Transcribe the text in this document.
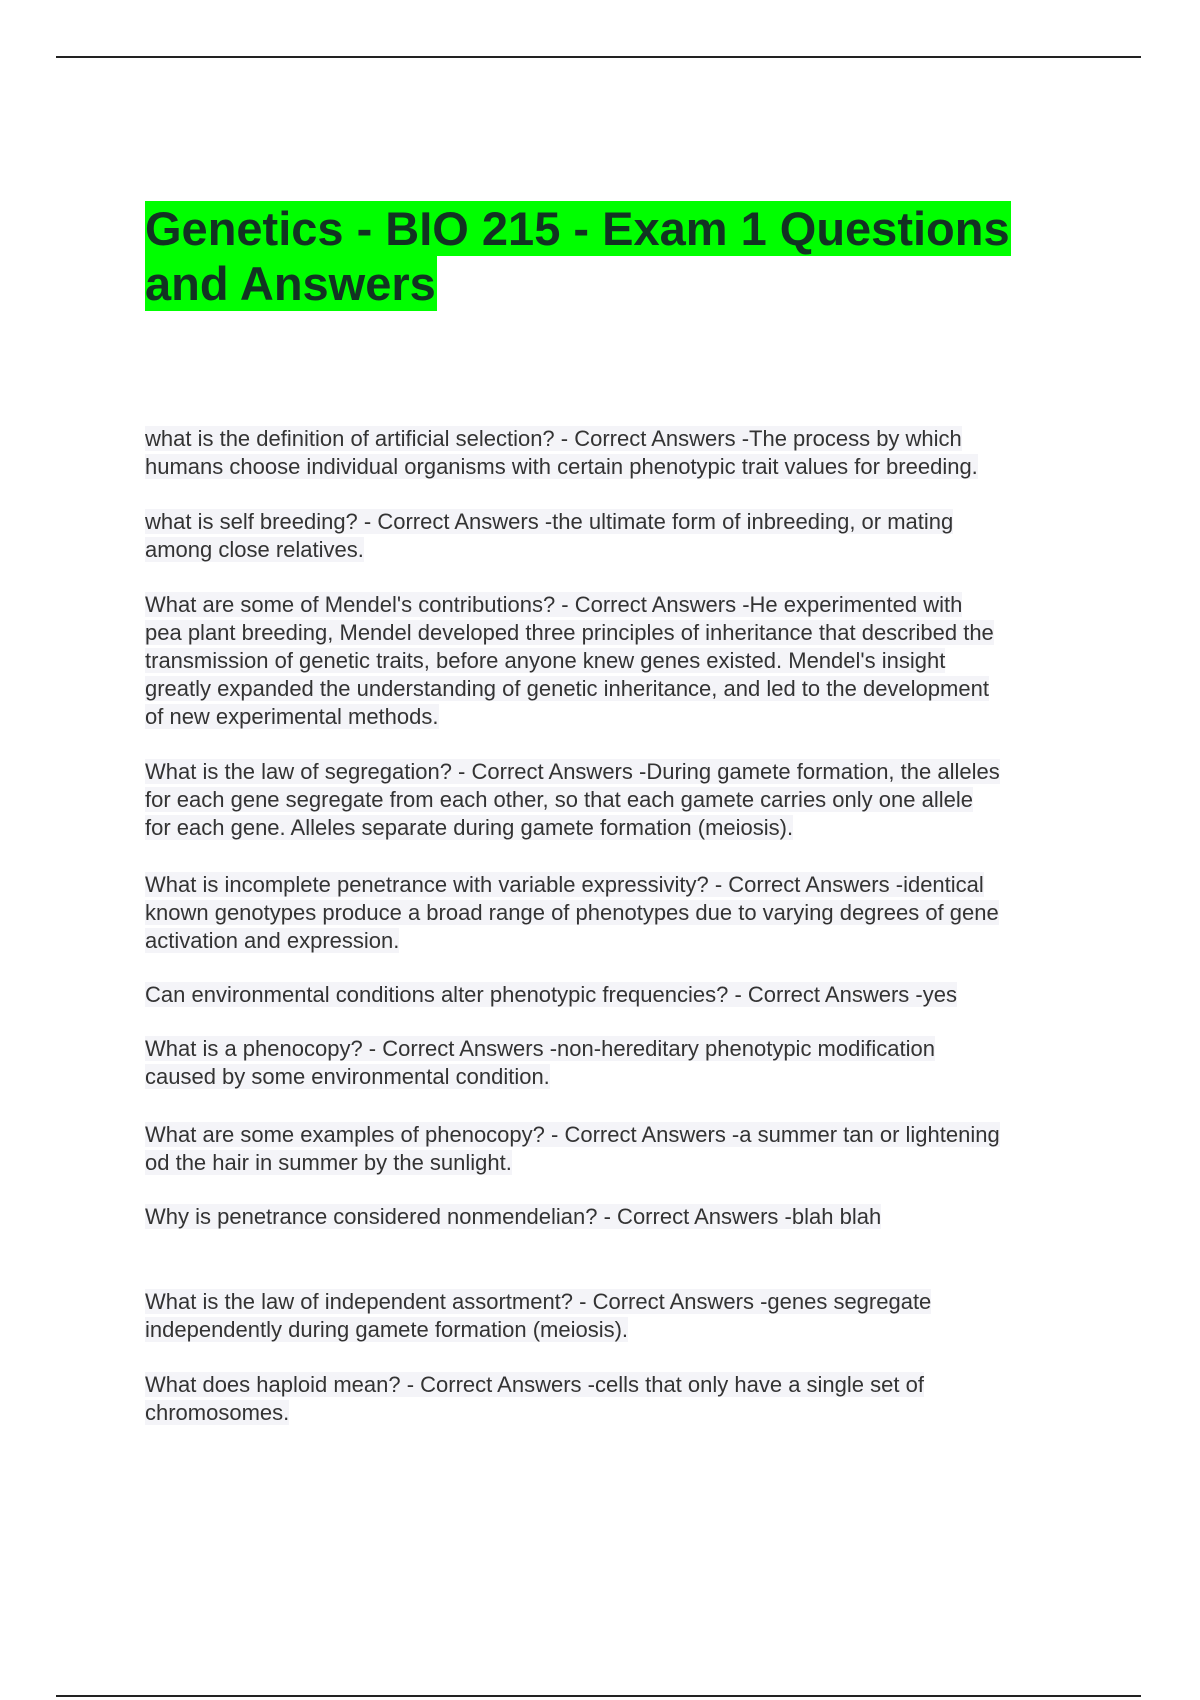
Genetics - BIO 215 - Exam 1 Questions
and Answers
what is the definition of artificial selection? - Correct Answers -The process by which
humans choose individual organisms with certain phenotypic trait values for breeding.
what is self breeding? - Correct Answers -the ultimate form of inbreeding, or mating
among close relatives.
What are some of Mendel's contributions? - Correct Answers -He experimented with
pea plant breeding, Mendel developed three principles of inheritance that described the
transmission of genetic traits, before anyone knew genes existed. Mendel's insight
greatly expanded the understanding of genetic inheritance, and led to the development
of new experimental methods.
What is the law of segregation? - Correct Answers -During gamete formation, the alleles
for each gene segregate from each other, so that each gamete carries only one allele
for each gene. Alleles separate during gamete formation (meiosis).
What is incomplete penetrance with variable expressivity? - Correct Answers -identical
known genotypes produce a broad range of phenotypes due to varying degrees of gene
activation and expression.
Can environmental conditions alter phenotypic frequencies? - Correct Answers -yes
What is a phenocopy? - Correct Answers -non-hereditary phenotypic modification
caused by some environmental condition.
What are some examples of phenocopy? - Correct Answers -a summer tan or lightening
od the hair in summer by the sunlight.
Why is penetrance considered nonmendelian? - Correct Answers -blah blah
What is the law of independent assortment? - Correct Answers -genes segregate
independently during gamete formation (meiosis).
What does haploid mean? - Correct Answers -cells that only have a single set of
chromosomes.
